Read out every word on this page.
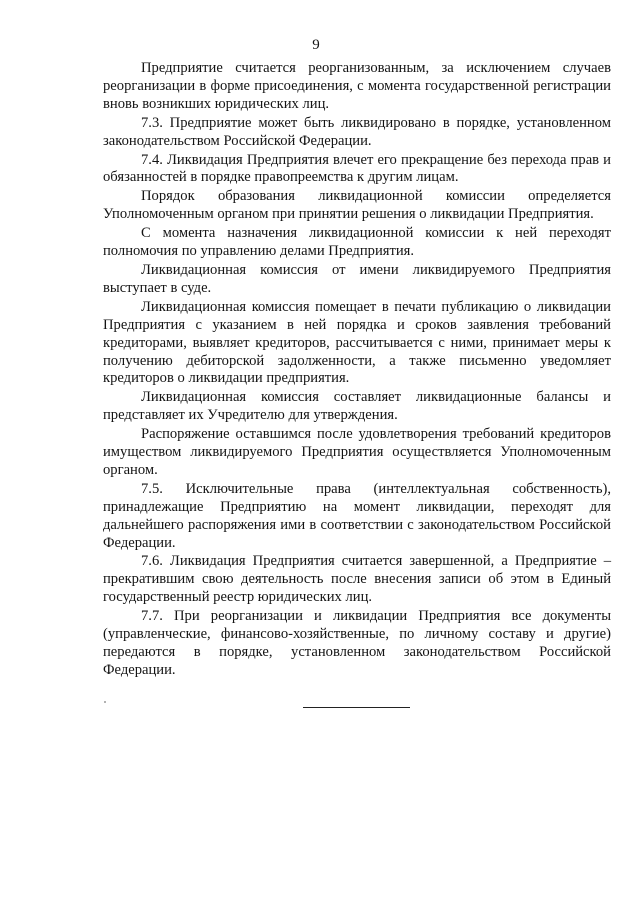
9

Предприятие считается реорганизованным, за исключением случаев реорганизации в форме присоединения, с момента государственной регистрации вновь возникших юридических лиц.

7.3. Предприятие может быть ликвидировано в порядке, установленном законодательством Российской Федерации.

7.4. Ликвидация Предприятия влечет его прекращение без перехода прав и обязанностей в порядке правопреемства к другим лицам.

Порядок образования ликвидационной комиссии определяется Уполномоченным органом при принятии решения о ликвидации Предприятия.

С момента назначения ликвидационной комиссии к ней переходят полномочия по управлению делами Предприятия.

Ликвидационная комиссия от имени ликвидируемого Предприятия выступает в суде.

Ликвидационная комиссия помещает в печати публикацию о ликвидации Предприятия с указанием в ней порядка и сроков заявления требований кредиторами, выявляет кредиторов, рассчитывается с ними, принимает меры к получению дебиторской задолженности, а также письменно уведомляет кредиторов о ликвидации предприятия.

Ликвидационная комиссия составляет ликвидационные балансы и представляет их Учредителю для утверждения.

Распоряжение оставшимся после удовлетворения требований кредиторов имуществом ликвидируемого Предприятия осуществляется Уполномоченным органом.

7.5. Исключительные права (интеллектуальная собственность), принадлежащие Предприятию на момент ликвидации, переходят для дальнейшего распоряжения ими в соответствии с законодательством Российской Федерации.

7.6. Ликвидация Предприятия считается завершенной, а Предприятие – прекратившим свою деятельность после внесения записи об этом в Единый государственный реестр юридических лиц.

7.7. При реорганизации и ликвидации Предприятия все документы (управленческие, финансово-хозяйственные, по личному составу и другие) передаются в порядке, установленном законодательством Российской Федерации.
